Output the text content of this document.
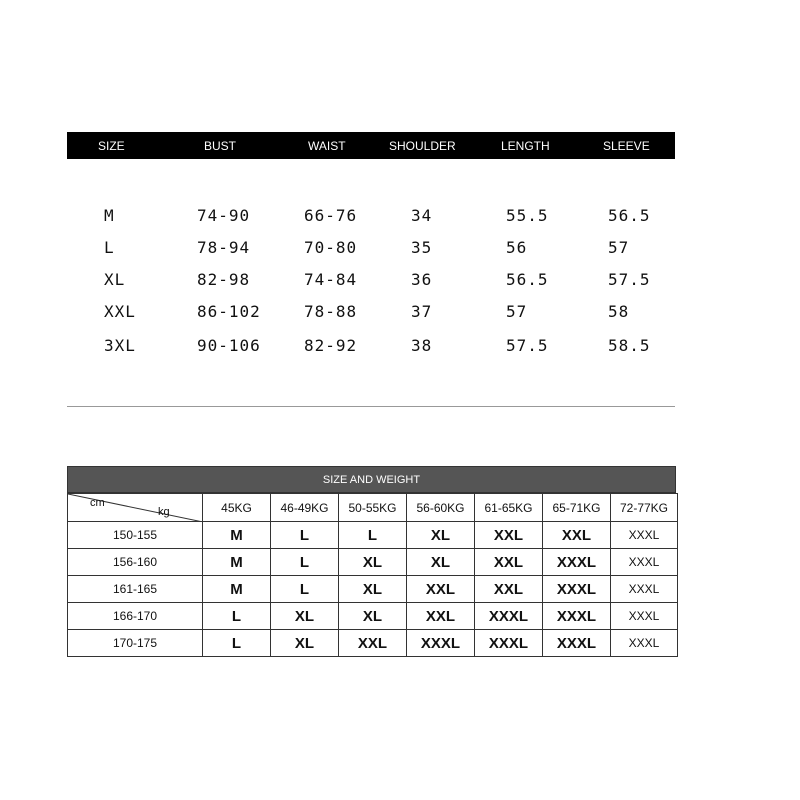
SIZE	BUST	WAIST	SHOULDER	LENGTH	SLEEVE
M	74-90	66-76	34	55.5	56.5
L	78-94	70-80	35	56	57
XL	82-98	74-84	36	56.5	57.5
XXL	86-102	78-88	37	57	58
3XL	90-106	82-92	38	57.5	58.5
SIZE AND WEIGHT
cm
kg	45KG	46-49KG	50-55KG	56-60KG	61-65KG	65-71KG	72-77KG
150-155	M	L	L	XL	XXL	XXL	XXXL
156-160	M	L	XL	XL	XXL	XXXL	XXXL
161-165	M	L	XL	XXL	XXL	XXXL	XXXL
166-170	L	XL	XL	XXL	XXXL	XXXL	XXXL
170-175	L	XL	XXL	XXXL	XXXL	XXXL	XXXL
